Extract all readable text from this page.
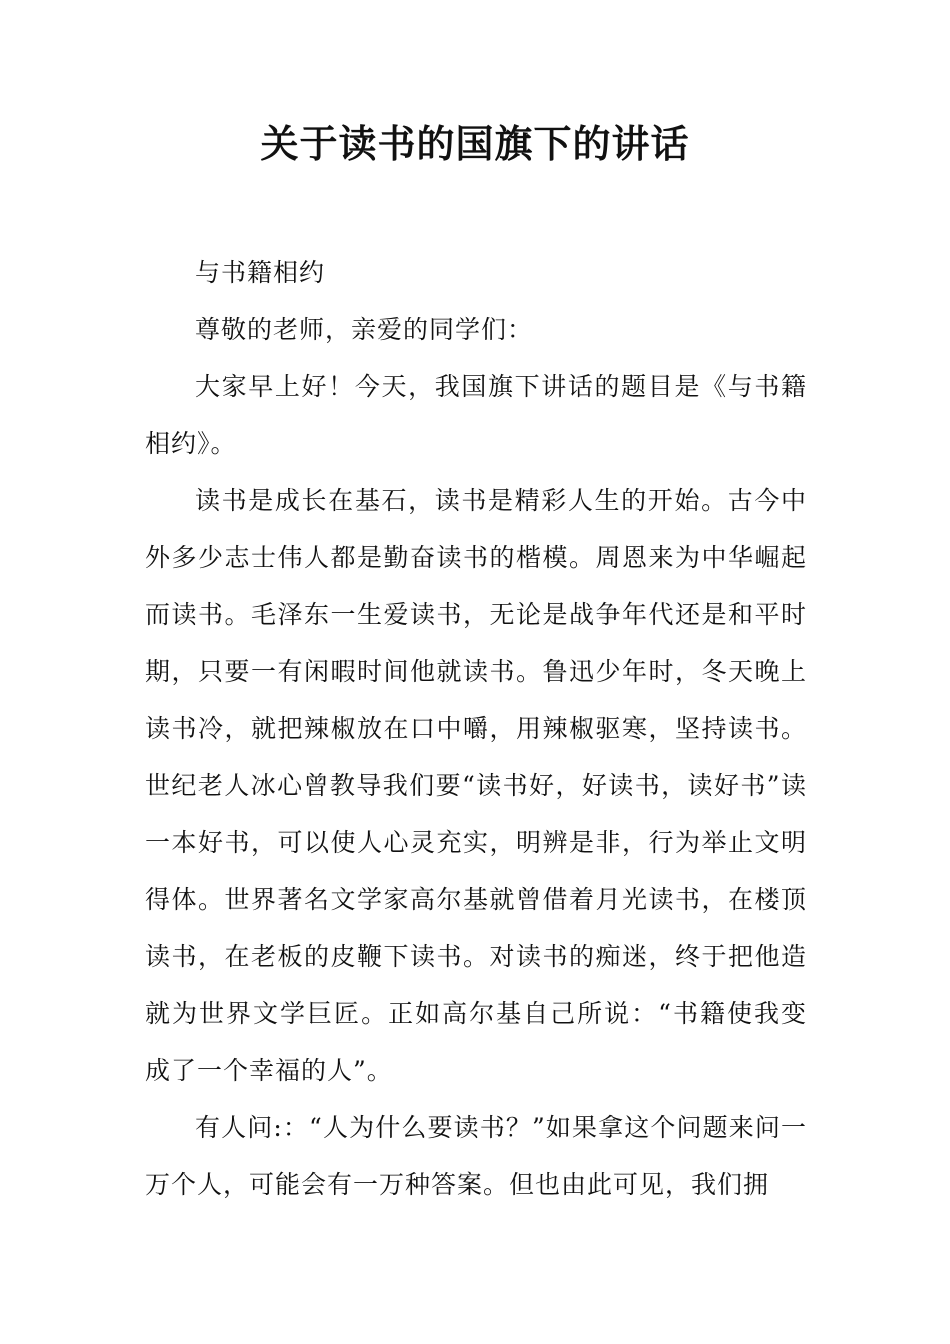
关于读书的国旗下的讲话

与书籍相约

尊敬的老师，亲爱的同学们：

大家早上好！今天，我国旗下讲话的题目是《与书籍相约》。

读书是成长在基石，读书是精彩人生的开始。古今中外多少志士伟人都是勤奋读书的楷模。周恩来为中华崛起而读书。毛泽东一生爱读书，无论是战争年代还是和平时期，只要一有闲暇时间他就读书。鲁迅少年时，冬天晚上读书冷，就把辣椒放在口中嚼，用辣椒驱寒，坚持读书。世纪老人冰心曾教导我们要“读书好，好读书，读好书”读一本好书，可以使人心灵充实，明辨是非，行为举止文明得体。世界著名文学家高尔基就曾借着月光读书，在楼顶读书，在老板的皮鞭下读书。对读书的痴迷，终于把他造就为世界文学巨匠。正如高尔基自己所说：“书籍使我变成了一个幸福的人”。

有人问:：“人为什么要读书？”如果拿这个问题来问一万个人，可能会有一万种答案。但也由此可见，我们拥
